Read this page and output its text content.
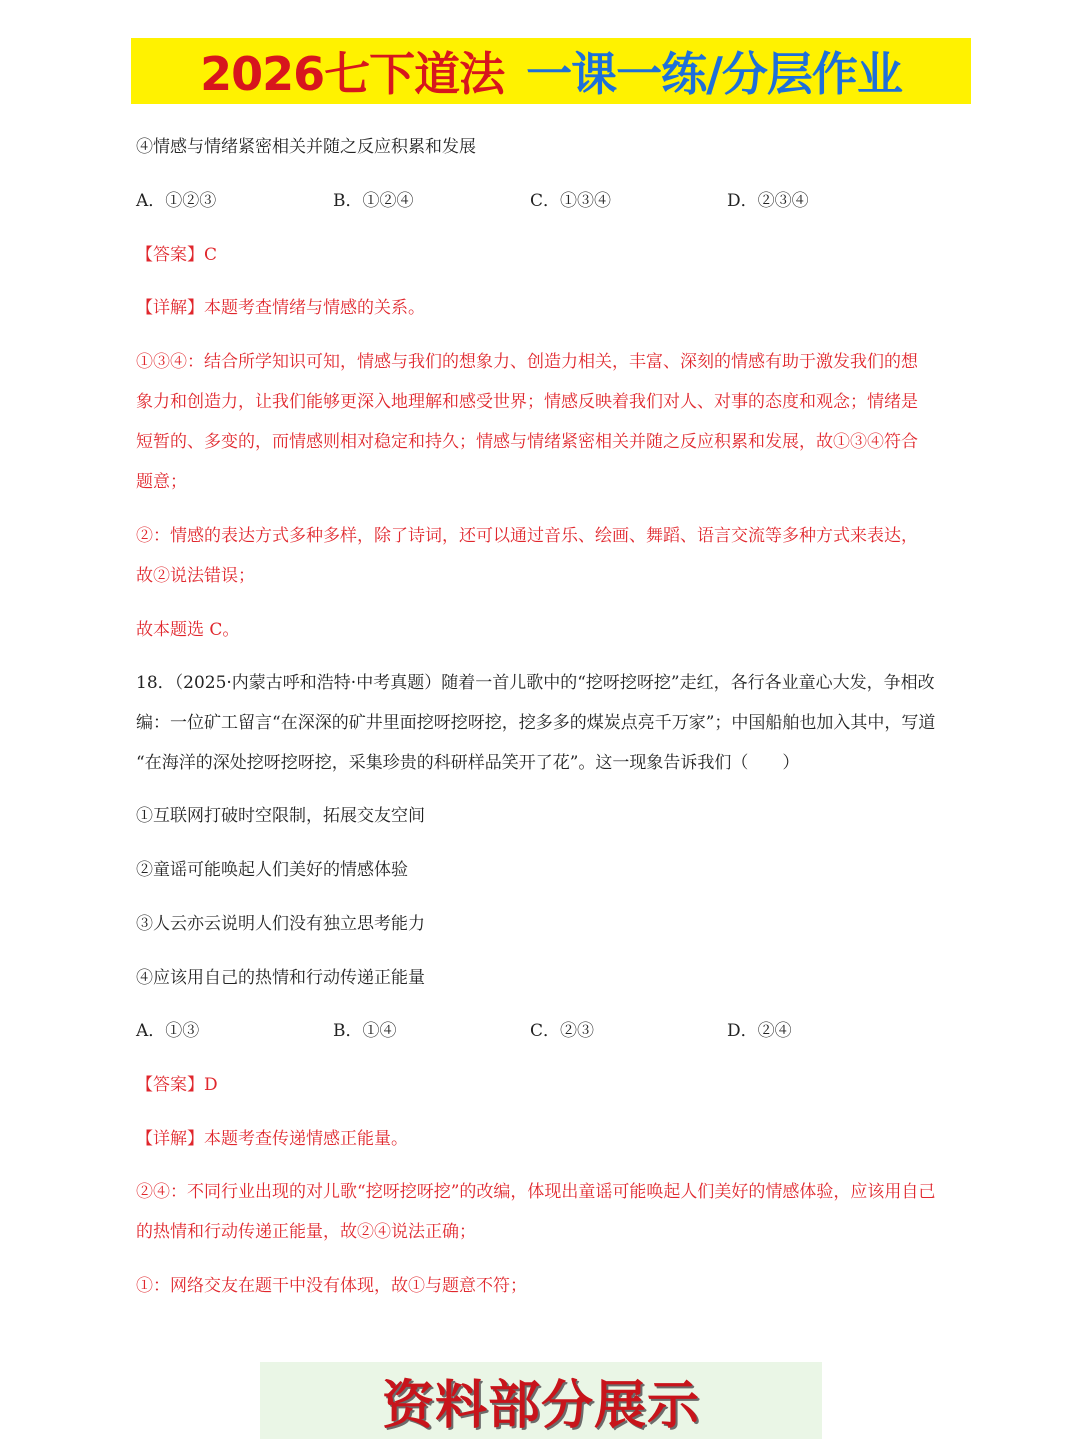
2026七下道法 一课一练/分层作业
④情感与情绪紧密相关并随之反应积累和发展
A．①②③	B．①②④	C．①③④	D．②③④
【答案】C
【详解】本题考查情绪与情感的关系。
①③④：结合所学知识可知，情感与我们的想象力、创造力相关，丰富、深刻的情感有助于激发我们的想
象力和创造力，让我们能够更深入地理解和感受世界；情感反映着我们对人、对事的态度和观念；情绪是
短暂的、多变的，而情感则相对稳定和持久；情感与情绪紧密相关并随之反应积累和发展，故①③④符合
题意；
②：情感的表达方式多种多样，除了诗词，还可以通过音乐、绘画、舞蹈、语言交流等多种方式来表达，
故②说法错误；
故本题选 C。
18．（2025·内蒙古呼和浩特·中考真题）随着一首儿歌中的“挖呀挖呀挖”走红，各行各业童心大发，争相改
编：一位矿工留言“在深深的矿井里面挖呀挖呀挖，挖多多的煤炭点亮千万家”；中国船舶也加入其中，写道
“在海洋的深处挖呀挖呀挖，采集珍贵的科研样品笑开了花”。这一现象告诉我们（　　）
①互联网打破时空限制，拓展交友空间
②童谣可能唤起人们美好的情感体验
③人云亦云说明人们没有独立思考能力
④应该用自己的热情和行动传递正能量
A．①③	B．①④	C．②③	D．②④
【答案】D
【详解】本题考查传递情感正能量。
②④：不同行业出现的对儿歌“挖呀挖呀挖”的改编，体现出童谣可能唤起人们美好的情感体验，应该用自己
的热情和行动传递正能量，故②④说法正确；
①：网络交友在题干中没有体现，故①与题意不符；
资料部分展示
